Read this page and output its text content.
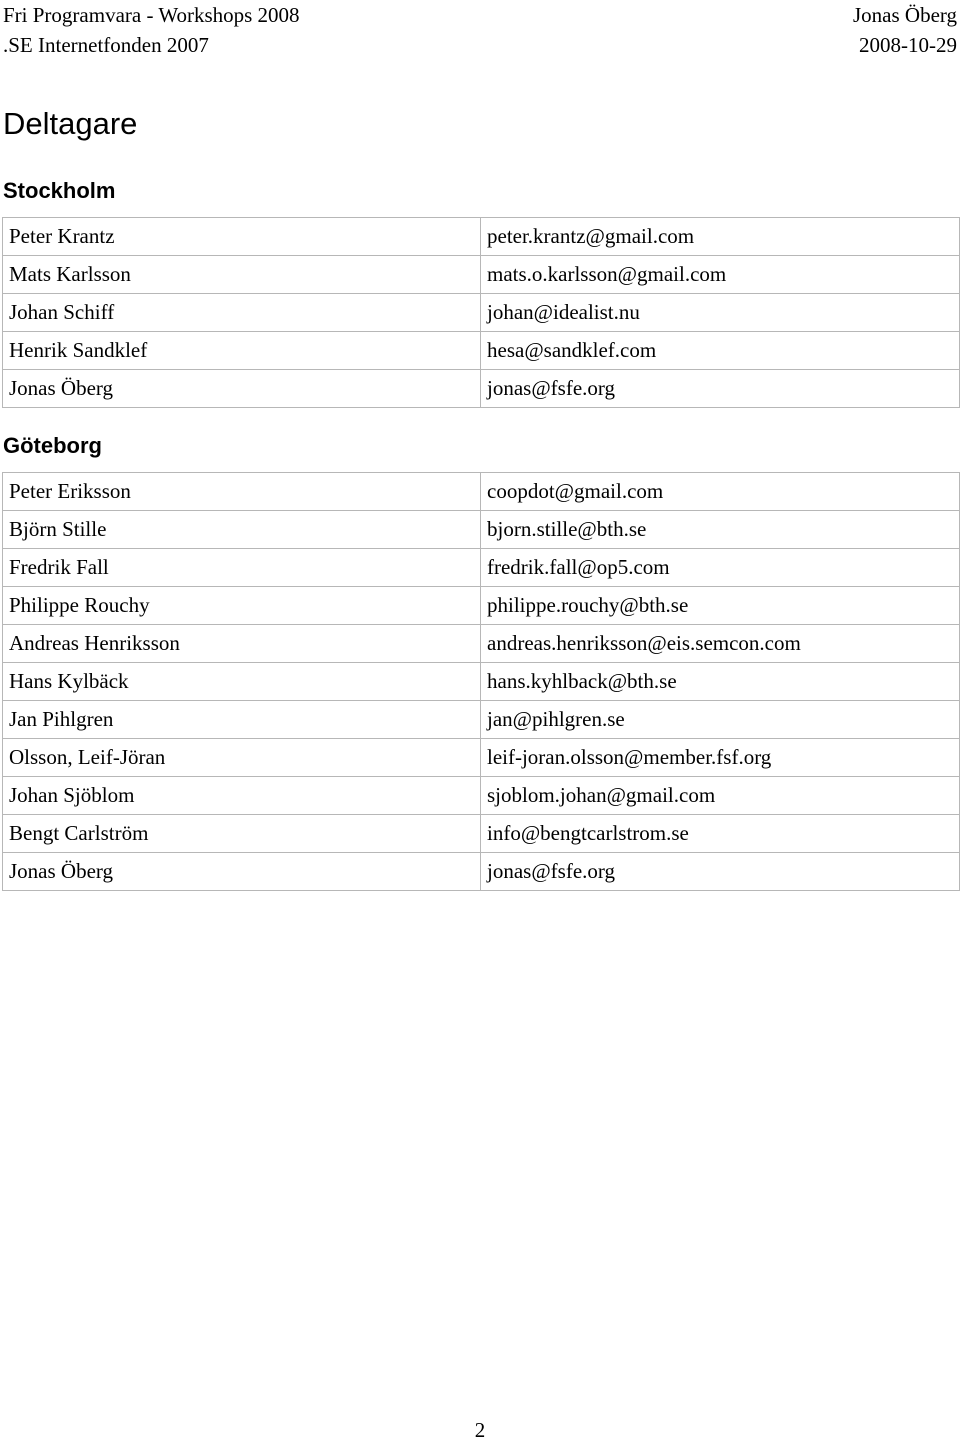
Fri Programvara - Workshops 2008	Jonas Öberg
.SE Internetfonden 2007	2008-10-29
Deltagare
Stockholm
Peter Krantz	peter.krantz@gmail.com
Mats Karlsson	mats.o.karlsson@gmail.com
Johan Schiff	johan@idealist.nu
Henrik Sandklef	hesa@sandklef.com
Jonas Öberg	jonas@fsfe.org
Göteborg
Peter Eriksson	coopdot@gmail.com
Björn Stille	bjorn.stille@bth.se
Fredrik Fall	fredrik.fall@op5.com
Philippe Rouchy	philippe.rouchy@bth.se
Andreas Henriksson	andreas.henriksson@eis.semcon.com
Hans Kylbäck	hans.kyhlback@bth.se
Jan Pihlgren	jan@pihlgren.se
Olsson, Leif-Jöran	leif-joran.olsson@member.fsf.org
Johan Sjöblom	sjoblom.johan@gmail.com
Bengt Carlström	info@bengtcarlstrom.se
Jonas Öberg	jonas@fsfe.org
2
